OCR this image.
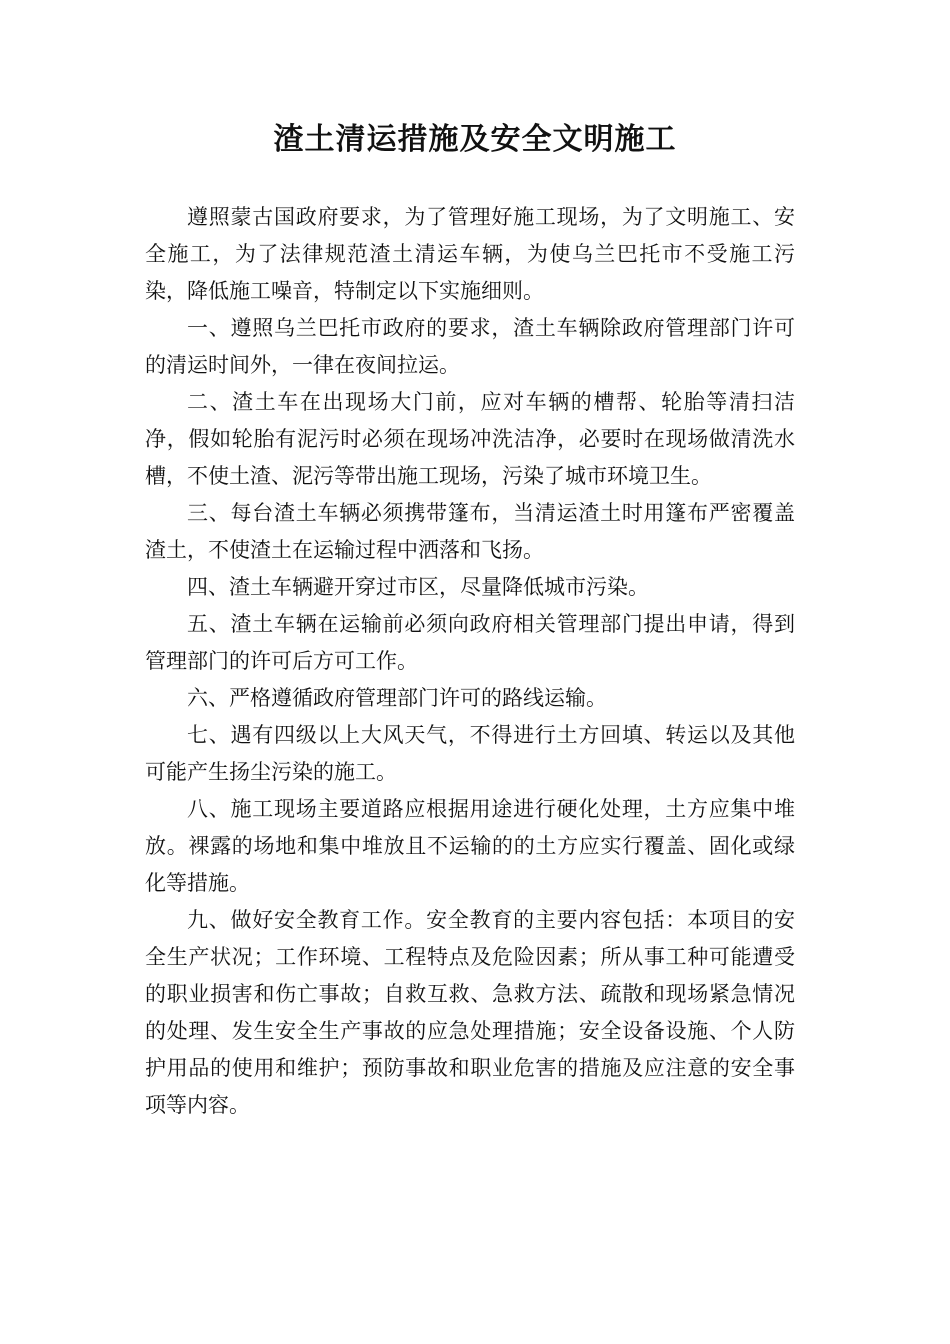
渣土清运措施及安全文明施工

遵照蒙古国政府要求，为了管理好施工现场，为了文明施工、安全施工，为了法律规范渣土清运车辆，为使乌兰巴托市不受施工污染，降低施工噪音，特制定以下实施细则。

一、遵照乌兰巴托市政府的要求，渣土车辆除政府管理部门许可的清运时间外，一律在夜间拉运。

二、渣土车在出现场大门前，应对车辆的槽帮、轮胎等清扫洁净，假如轮胎有泥污时必须在现场冲洗洁净，必要时在现场做清洗水槽，不使土渣、泥污等带出施工现场，污染了城市环境卫生。

三、每台渣土车辆必须携带篷布，当清运渣土时用篷布严密覆盖渣土，不使渣土在运输过程中洒落和飞扬。

四、渣土车辆避开穿过市区，尽量降低城市污染。

五、渣土车辆在运输前必须向政府相关管理部门提出申请，得到管理部门的许可后方可工作。

六、严格遵循政府管理部门许可的路线运输。

七、遇有四级以上大风天气，不得进行土方回填、转运以及其他可能产生扬尘污染的施工。

八、施工现场主要道路应根据用途进行硬化处理，土方应集中堆放。裸露的场地和集中堆放且不运输的的土方应实行覆盖、固化或绿化等措施。

九、做好安全教育工作。安全教育的主要内容包括：本项目的安全生产状况；工作环境、工程特点及危险因素；所从事工种可能遭受的职业损害和伤亡事故；自救互救、急救方法、疏散和现场紧急情况的处理、发生安全生产事故的应急处理措施；安全设备设施、个人防护用品的使用和维护；预防事故和职业危害的措施及应注意的安全事项等内容。
